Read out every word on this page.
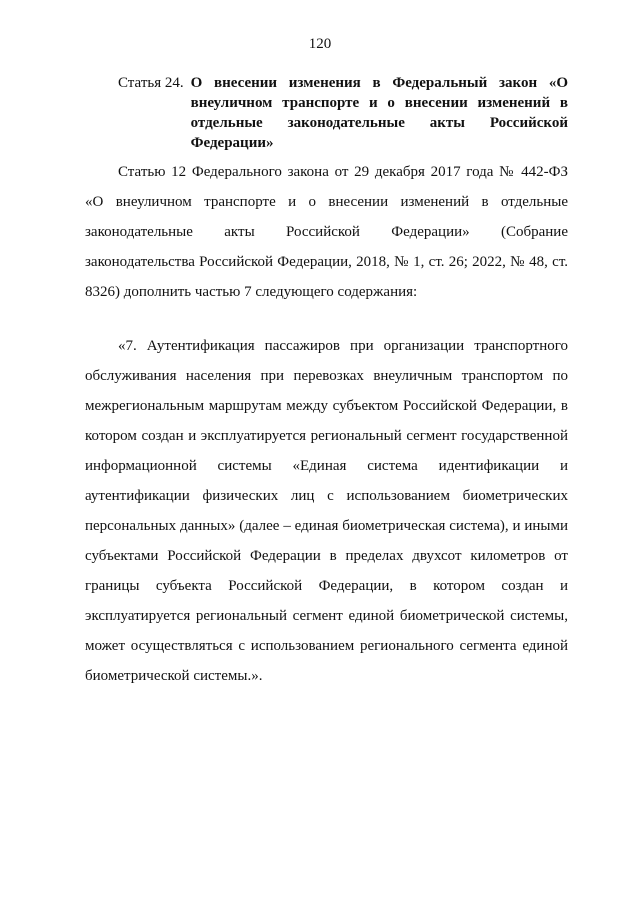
120
Статья 24. О внесении изменения в Федеральный закон «О внеуличном транспорте и о внесении изменений в отдельные законодательные акты Российской Федерации»

Статью 12 Федерального закона от 29 декабря 2017 года № 442-ФЗ «О внеуличном транспорте и о внесении изменений в отдельные законодательные акты Российской Федерации» (Собрание законодательства Российской Федерации, 2018, № 1, ст. 26; 2022, № 48, ст. 8326) дополнить частью 7 следующего содержания:

«7. Аутентификация пассажиров при организации транспортного обслуживания населения при перевозках внеуличным транспортом по межрегиональным маршрутам между субъектом Российской Федерации, в котором создан и эксплуатируется региональный сегмент государственной информационной системы «Единая система идентификации и аутентификации физических лиц с использованием биометрических персональных данных» (далее – единая биометрическая система), и иными субъектами Российской Федерации в пределах двухсот километров от границы субъекта Российской Федерации, в котором создан и эксплуатируется региональный сегмент единой биометрической системы, может осуществляться с использованием регионального сегмента единой биометрической системы.».
